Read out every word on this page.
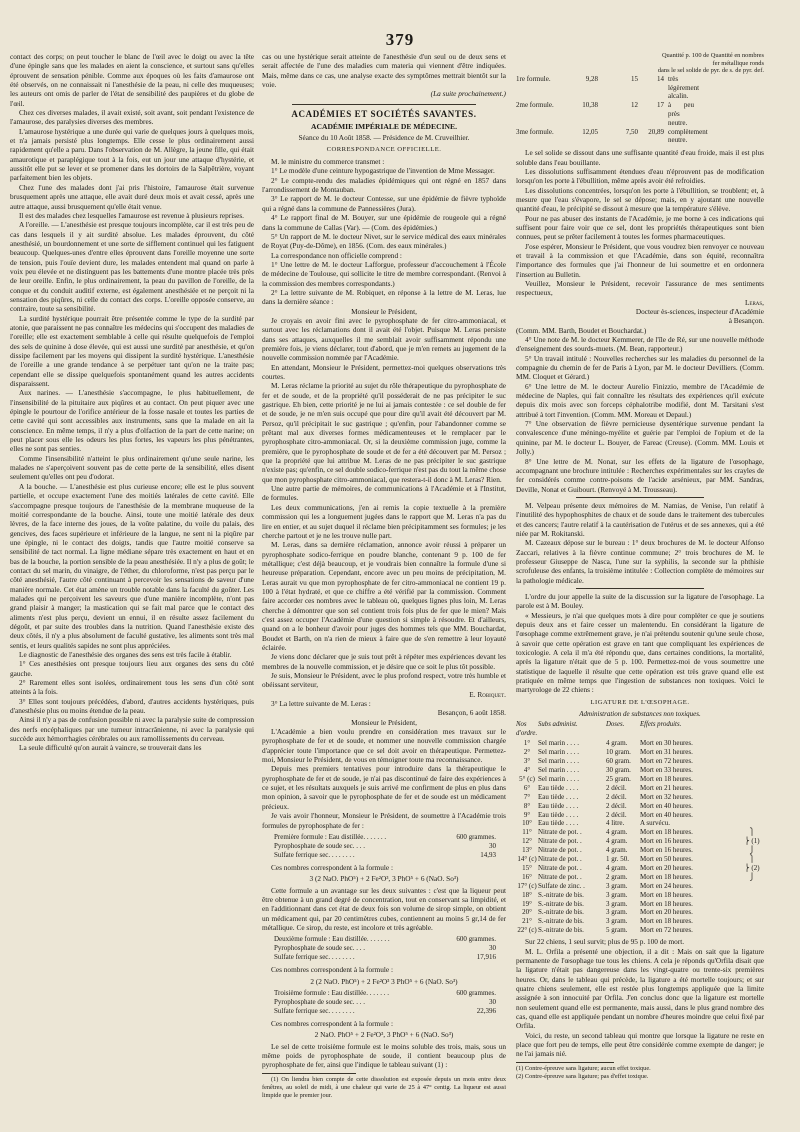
379

contact des corps; on peut toucher le blanc de l'œil avec le doigt ou avec la tête d'une épingle sans que les malades en aient la conscience, et surtout sans qu'elles éprouvent de sensation pénible. Comme aux époques où les faits d'amaurose ont été observés, on ne connaissait ni l'anesthésie de la peau, ni celle des muqueuses; les auteurs ont omis de parler de l'état de sensibilité des paupières et du globe de l'œil.

Chez ces diverses malades, il avait existé, soit avant, soit pendant l'existence de l'amaurose, des paralysies diverses des membres.

L'amaurose hystérique a une durée qui varie de quelques jours à quelques mois, et n'a jamais persisté plus longtemps. Elle cesse le plus ordinairement aussi rapidement qu'elle a paru. Dans l'observation de M. Allègre, la jeune fille, qui était amaurotique et paraplégique tout à la fois, eut un jour une attaque d'hystérie, et aussitôt elle put se lever et se promener dans les dortoirs de la Salpêtrière, voyant parfaitement bien les objets.

Chez l'une des malades dont j'ai pris l'histoire, l'amaurose était survenue brusquement après une attaque, elle avait duré deux mois et avait cessé, après une autre attaque, aussi brusquement qu'elle était venue.

Il est des malades chez lesquelles l'amaurose est revenue à plusieurs reprises.

A l'oreille. — L'anesthésie est presque toujours incomplète, car il est très peu de cas dans lesquels il y ait surdité absolue. Les malades éprouvent, du côté anesthésié, un bourdonnement et une sorte de sifflement continuel qui les fatiguent beaucoup. Quelques-unes d'entre elles éprouvent dans l'oreille moyenne une sorte de tension, puis l'ouïe devient dure, les malades entendent mal quand on parle à voix peu élevée et ne distinguent pas les battements d'une montre placée très près de leur oreille. Enfin, le plus ordinairement, la peau du pavillon de l'oreille, de la conque et du conduit auditif externe, est également anesthésiée et ne perçoit ni la sensation des piqûres, ni celle du contact des corps. L'oreille opposée conserve, au contraire, toute sa sensibilité.

La surdité hystérique pourrait être présentée comme le type de la surdité par atonie, que paraissent ne pas connaître les médecins qui s'occupent des maladies de l'oreille; elle est exactement semblable à celle qui résulte quelquefois de l'emploi des sels de quinine à dose élevée, qui est aussi une surdité par anesthésie, et qu'on dissipe facilement par les moyens qui dissipent la surdité hystérique. L'anesthésie de l'oreille a une grande tendance à se perpétuer tant qu'on ne la traite pas; cependant elle se dissipe quelquefois spontanément quand les autres accidents disparaissent.

Aux narines. — L'anesthésie s'accompagne, le plus habituellement, de l'insensibilité de la pituitaire aux piqûres et au contact. On peut piquer avec une épingle le pourtour de l'orifice antérieur de la fosse nasale et toutes les parties de cette cavité qui sont accessibles aux instruments, sans que la malade en ait la conscience. En même temps, il n'y a plus d'olfaction de la part de cette narine; on peut placer sous elle les odeurs les plus fortes, les vapeurs les plus pénétrantes, elles ne sont pas senties.

Comme l'insensibilité n'atteint le plus ordinairement qu'une seule narine, les malades ne s'aperçoivent souvent pas de cette perte de la sensibilité, elles disent seulement qu'elles ont peu d'odorat.

A la bouche. — L'anesthésie est plus curieuse encore; elle est le plus souvent partielle, et occupe exactement l'une des moitiés latérales de cette cavité. Elle s'accompagne presque toujours de l'anesthésie de la membrane muqueuse de la moitié correspondante de la bouche. Ainsi, toute une moitié latérale des deux lèvres, de la face interne des joues, de la voûte palatine, du voile du palais, des gencives, des faces supérieure et inférieure de la langue, ne sent ni la piqûre par une épingle, ni le contact des doigts, tandis que l'autre moitié conserve sa sensibilité de tact normal. La ligne médiane sépare très exactement en haut et en bas de la bouche, la portion sensible de la peau anesthésiée. Il n'y a plus de goût; le contact du sel marin, du vinaigre, de l'éther, du chloroforme, n'est pas perçu par le côté anesthésié, l'autre côté continuant à percevoir les sensations de saveur d'une manière normale. Cet état amène un trouble notable dans la faculté du goûter. Les malades qui ne perçoivent les saveurs que d'une manière incomplète, n'ont pas grand plaisir à manger; la mastication qui se fait mal parce que le contact des aliments n'est plus perçu, devient un ennui, il en résulte assez facilement du dégoût, et par suite des troubles dans la nutrition. Quand l'anesthésie existe des deux côtés, il n'y a plus absolument de faculté gustative, les aliments sont très mal sentis, et leurs qualités sapides ne sont plus appréciées.

Le diagnostic de l'anesthésie des organes des sens est très facile à établir.

1° Ces anesthésies ont presque toujours lieu aux organes des sens du côté gauche.

2° Rarement elles sont isolées, ordinairement tous les sens d'un côté sont atteints à la fois.

3° Elles sont toujours précédées, d'abord, d'autres accidents hystériques, puis d'anesthésie plus ou moins étendue de la peau.

Ainsi il n'y a pas de confusion possible ni avec la paralysie suite de compression des nerfs encéphaliques par une tumeur intracrânienne, ni avec la paralysie qui succède aux hémorrhagies cérébrales ou aux ramollissements du cerveau.

La seule difficulté qu'on aurait à vaincre, se trouverait dans les

cas ou une hystérique serait atteinte de l'anesthésie d'un seul ou de deux sens et serait affectée de l'une des maladies cum materia qui viennent d'être indiquées. Mais, même dans ce cas, une analyse exacte des symptômes mettrait bientôt sur la voie.

(La suite prochainement.)

ACADÉMIES ET SOCIÉTÉS SAVANTES.
ACADÉMIE IMPÉRIALE DE MÉDECINE.
Séance du 10 Août 1858. — Présidence de M. Cruveilhier.
CORRESPONDANCE OFFICIELLE.

M. le ministre du commerce transmet :

1° Le modèle d'une ceinture hypogastrique de l'invention de Mme Messager.

2° Le compte-rendu des maladies épidémiques qui ont régné en 1857 dans l'arrondissement de Montauban.

3° Le rapport de M. le docteur Contesse, sur une épidémie de fièvre typhoïde qui a régné dans la commune de Pannessières (Jura).

4° Le rapport final de M. Bouyer, sur une épidémie de rougeole qui a régné dans la commune de Callas (Var). — (Com. des épidémies.)

5° Un rapport de M. le docteur Nivet, sur le service médical des eaux minérales de Royat (Puy-de-Dôme), en 1856. (Com. des eaux minérales.)

La correspondance non officielle comprend :

1° Une lettre de M. le docteur Lafforgue, professeur d'accouchement à l'École de médecine de Toulouse, qui sollicite le titre de membre correspondant. (Renvoi à la commission des membres correspondants.)

2° La lettre suivante de M. Robiquet, en réponse à la lettre de M. Leras, lue dans la dernière séance :

Monsieur le Président,

Je croyais en avoir fini avec le pyrophosphate de fer citro-ammoniacal, et surtout avec les réclamations dont il avait été l'objet. Puisque M. Leras persiste dans ses attaques, auxquelles il me semblait avoir suffisamment répondu une première fois, je viens déclarer, tout d'abord, que je m'en remets au jugement de la nouvelle commission nommée par l'Académie.

En attendant, Monsieur le Président, permettez-moi quelques observations très courtes.

M. Leras réclame la priorité au sujet du rôle thérapeutique du pyrophosphate de fer et de soude, et de la propriété qu'il posséderait de ne pas précipiter le suc gastrique. Eh bien, cette priorité je ne lui ai jamais contestée : ce sel double de fer et de soude, je ne m'en suis occupé que pour dire qu'il avait été découvert par M. Persoz, qu'il précipitait le suc gastrique ; qu'enfin, pour l'abandonner comme se prêtant mal aux diverses formes médicamenteuses et le remplacer par le pyrophosphate citro-ammoniacal. Or, si la deuxième commission juge, comme la première, que le pyrophosphate de soude et de fer a été découvert par M. Persoz ; que la propriété que lui attribue M. Leras de ne pas précipiter le suc gastrique n'existe pas; qu'enfin, ce sel double sodico-ferrique n'est pas du tout la même chose que mon pyrophosphate citro-ammoniacal, que restera-t-il donc à M. Leras? Rien.

Une autre partie de mémoires, de communications à l'Académie et à l'Institut, de formules.

Les deux communications, j'en ai remis la copie textuelle à la première commission qui les a longuement jugées dans le rapport que M. Leras n'a pas du lire en entier, et au sujet duquel il réclame bien précipitamment ses formules; je les cherche partout et je ne les trouve nulle part.

M. Leras, dans sa dernière réclamation, annonce avoir réussi à préparer un pyrophosphate sodico-ferrique en poudre blanche, contenant 9 p. 100 de fer métallique; c'est déjà beaucoup, et je voudrais bien connaître la formule d'une si heureuse préparation. Cependant, encore avec un peu moins de précipitation, M. Leras aurait vu que mon pyrophosphate de fer citro-ammoniacal ne contient 19 p. 100 à l'état hydraté, et que ce chiffre a été vérifié par la commission. Comment faire accorder ces nombres avec le tableau où, quelques lignes plus loin, M. Leras cherche à démontrer que son sel contient trois fois plus de fer que le mien? Mais c'est assez occuper l'Académie d'une question si simple à résoudre. Et d'ailleurs, quand on a le bonheur d'avoir pour juges des hommes tels que MM. Bouchardat, Boudet et Barth, on n'a rien de mieux à faire que de s'en remettre à leur loyauté éclairée.

Je viens donc déclarer que je suis tout prêt à répéter mes expériences devant les membres de la nouvelle commission, et je désire que ce soit le plus tôt possible.

Je suis, Monsieur le Président, avec le plus profond respect, votre très humble et obéissant serviteur,

E. Robiquet.

3° La lettre suivante de M. Leras :

Besançon, 6 août 1858.

Monsieur le Président,

L'Académie a bien voulu prendre en considération mes travaux sur le pyrophosphate de fer et de soude, et nommer une nouvelle commission chargée d'apprécier toute l'importance que ce sel doit avoir en thérapeutique. Permettez-moi, Monsieur le Président, de vous en témoigner toute ma reconnaissance.

Depuis mes premiers tentatives pour introduire dans la thérapeutique le pyrophosphate de fer et de soude, je n'ai pas discontinué de faire des expériences à ce sujet, et les résultats auxquels je suis arrivé me confirment de plus en plus dans mon opinion, à savoir que le pyrophosphate de fer et de soude est un médicament précieux.

Je vais avoir l'honneur, Monsieur le Président, de soumettre à l'Académie trois formules de pyrophosphate de fer :

Première formule : Eau distillée. . . . . . .	600 grammes.
Pyrophosphate de soude sec. . . .	30
Sulfate ferrique sec. . . . . . . .	14,93

Ces nombres correspondent à la formule :

3 (2 NaO. PhO⁵) + 2 Fe²O³, 3 PhO⁵ + 6 (NaO. So³)

Cette formule a un avantage sur les deux suivantes : c'est que la liqueur peut être obtenue à un grand degré de concentration, tout en conservant sa limpidité, et en l'additionnant dans cet état de deux fois son volume de sirop simple, on obtient un médicament qui, par 20 centimètres cubes, contiennent au moins 5 gr,14 de fer métallique. Ce sirop, du reste, est incolore et très agréable.

Deuxième formule : Eau distillée. . . . . . .	600 grammes.
Pyrophosphate de soude sec. . . .	30
Sulfate ferrique sec. . . . . . . .	17,916

Ces nombres correspondent à la formule :

2 (2 NaO. PhO⁵) + 2 Fe²O³ 3 PhO⁵ + 6 (NaO. So³)
Troisième formule : Eau distillée. . . . . . .	600 grammes.
Pyrophosphate de soude sec. . . .	30
Sulfate ferrique sec. . . . . . . .	22,396

Ces nombres correspondent à la formule :

2 NaO. PhO⁵ + 2 Fe²O³, 3 PhO⁵ + 6 (NaO. So³)

Le sel de cette troisième formule est le moins soluble des trois, mais, sous un même poids de pyrophosphate de soude, il contient beaucoup plus de pyrophosphate de fer, ainsi que l'indique le tableau suivant (1) :

(1) On liendra bien compte de cette dissolution est exposée depuis un mois entre deux fenêtres, au soleil de midi, à une chaleur qui varie de 25 à 47° centig. La liqueur est aussi limpide que le premier jour.

Quantité p. 100 de Quantité en nombres
fer métallique ronds
dans le sel solide de pyr. de s. de pyr. def.
1re formule.	9,28	15	14 très légèrement alcalin.
2me formule.	10,38	12	17 à peu près neutre.
3me formule.	12,05	7,50	20,89 complètement neutre.

Le sel solide se dissout dans une suffisante quantité d'eau froide, mais il est plus soluble dans l'eau bouillante.

Les dissolutions suffisamment étendues d'eau n'éprouvent pas de modification lorsqu'on les porte à l'ébullition, même après avoir été refroidies.

Les dissolutions concentrées, lorsqu'on les porte à l'ébullition, se troublent; et, à mesure que l'eau s'évapore, le sel se dépose; mais, en y ajoutant une nouvelle quantité d'eau, le précipité se dissout à mesure que la température s'élève.

Pour ne pas abuser des instants de l'Académie, je me borne à ces indications qui suffisent pour faire voir que ce sel, dont les propriétés thérapeutiques sont bien connues, peut se prêter facilement à toutes les formes pharmaceutiques.

J'ose espérer, Monsieur le Président, que vous voudrez bien renvoyer ce nouveau et travail à la commission et que l'Académie, dans son équité, reconnaîtra l'importance des formules que j'ai l'honneur de lui soumettre et en ordonnera l'insertion au Bulletin.

Veuillez, Monsieur le Président, recevoir l'assurance de mes sentiments respectueux,

Leras,

Docteur ès-sciences, inspecteur d'Académie

à Besançon.

(Comm. MM. Barth, Boudet et Bouchardat.)

4° Une note de M. le docteur Kemmerer, de l'île de Ré, sur une nouvelle méthode d'enseignement des sourds-muets. (M. Bean, rapporteur.)

5° Un travail intitulé : Nouvelles recherches sur les maladies du personnel de la compagnie du chemin de fer de Paris à Lyon, par M. le docteur Devilliers. (Comm. MM. Cloquet et Gérard.)

6° Une lettre de M. le docteur Aurelio Finizzio, membre de l'Académie de médecine de Naples, qui fait connaître les résultats des expériences qu'il exécute depuis dix mois avec son forceps céphalotribe modifié, dont M. Tarsitani s'est attribué à tort l'invention. (Comm. MM. Moreau et Depaul.)

7° Une observation de fièvre pernicieuse dysentérique survenue pendant la convalescence d'une méningo-myélite et guérie par l'emploi de l'opium et de la quinine, par M. le docteur L. Bouyer, de Fareac (Creuse). (Comm. MM. Louis et Jolly.)

8° Une lettre de M. Nonat, sur les effets de la ligature de l'œsophage, accompagnant une brochure intitulée : Recherches expérimentales sur les crayles de fer considérés comme contre-poisons de l'acide arsénieux, par MM. Sandras, Deville, Nonat et Guibourt. (Renvoyé à M. Trousseau).

M. Velpeau présente deux mémoires de M. Namias, de Venise, l'un relatif à l'inutilité des hypophosphites de chaux et de soude dans le traitement des tubercules et des cancers; l'autre relatif à la cautérisation de l'utérus et de ses annexes, qui a été niée par M. Rokitanski.

M. Cazeaux dépose sur le bureau : 1° deux brochures de M. le docteur Alfonso Zaccari, relatives à la fièvre continue commune; 2° trois brochures de M. le professeur Giuseppe de Nasca, l'une sur la syphilis, la seconde sur la phthisie scrofuleuse des enfants, la troisième intitulée : Collection complète de mémoires sur la pathologie médicale.

L'ordre du jour appelle la suite de la discussion sur la ligature de l'œsophage. La parole est à M. Bouley.

« Messieurs, je n'ai que quelques mots à dire pour compléter ce que je soutiens depuis deux ans et faire cesser un malentendu. En considérant la ligature de l'œsophage comme extrêmement grave, je n'ai prétendu soutenir qu'une seule chose, à savoir que cette opération est grave en tant que compliquant les expériences de toxicologie. A cela il m'a été répondu que, dans certaines conditions, la mortalité, après la ligature n'était que de 5 p. 100. Permettez-moi de vous soumettre une statistique de laquelle il résulte que cette opération est très grave quand elle est pratiquée en même temps que l'ingestion de substances non toxiques. Voici le martyrologe de 22 chiens :

LIGATURE DE L'ŒSOPHAGE.
Administration de substances non toxiques.
Nos d'ordre.
Subs administ.	Doses.	Effets produits.
1°	Sel marin . . . .	4 gram.	Mort en 30 heures.
2°	Sel marin . . . .	10 gram.	Mort en 31 heures.
3°	Sel marin . . . .	60 gram.	Mort en 72 heures.
4°	Sel marin . . . .	30 gram.	Mort en 33 heures.
5° (c) Sel marin . . . .	25 gram.	Mort en 18 heures.
6°	Eau tiède . . . .	2 décil.	Mort en 21 heures.
7°	Eau tiède . . . .	2 décil.	Mort en 32 heures.
8°	Eau tiède . . . .	2 décil.	Mort en 40 heures.
9°	Eau tiède . . . .	2 décil.	Mort en 40 heures.
10° Eau tiède . . . .	4 litre.	A survécu.
11° Nitrate de pot. .	4 gram.	Mort en 18 heures.	⎫
12° Nitrate de pot. .	4 gram.	Mort en 16 heures.	⎬ (1)
13° Nitrate de pot. .	4 gram.	Mort en 16 heures.	⎭
14° (c) Nitrate de pot. .	1 gr. 50.	Mort en 50 heures.	⎫
15° Nitrate de pot. .	4 gram.	Mort en 20 heures.	⎬ (2)
16° Nitrate de pot. .	2 gram.	Mort en 18 heures.	⎭
17° (c) Sulfate de zinc. .	3 gram.	Mort en 24 heures.
18° S.-nitrate de bis.	3 gram.	Mort en 18 heures.
19° S.-nitrate de bis.	3 gram.	Mort en 18 heures.
20° S.-nitrate de bis.	3 gram.	Mort en 20 heures.
21° S.-nitrate de bis.	3 gram.	Mort en 18 heures.
22° (c) S.-nitrate de bis.	5 gram.	Mort en 72 heures.

Sur 22 chiens, 1 seul survit; plus de 95 p. 100 de mort.

M. L. Orfila a présenté une objection, il a dit : Mais on sait que la ligature permanente de l'œsophage tue tous les chiens. A cela je réponds qu'Orfila disait que la ligature n'était pas dangereuse dans les vingt-quatre ou trente-six premières heures. Or, dans le tableau qui précède, la ligature a été mortelle toujours; et sur quatre chiens seulement, elle est restée plus longtemps appliquée que la limite assignée à son innocuité par Orfila. J'en conclus donc que la ligature est mortelle non seulement quand elle est permanente, mais aussi, dans le plus grand nombre des cas, quand elle est appliquée pendant un nombre d'heures moindre que celui fixé par Orfila.

Voici, du reste, un second tableau qui montre que lorsque la ligature ne reste en place que fort peu de temps, elle peut être considérée comme exempte de danger; je ne l'ai jamais nié.

(1) Contre-épreuve sans ligature; aucun effet toxique.
(2) Contre-épreuve sans ligature; pas d'effet toxique.
